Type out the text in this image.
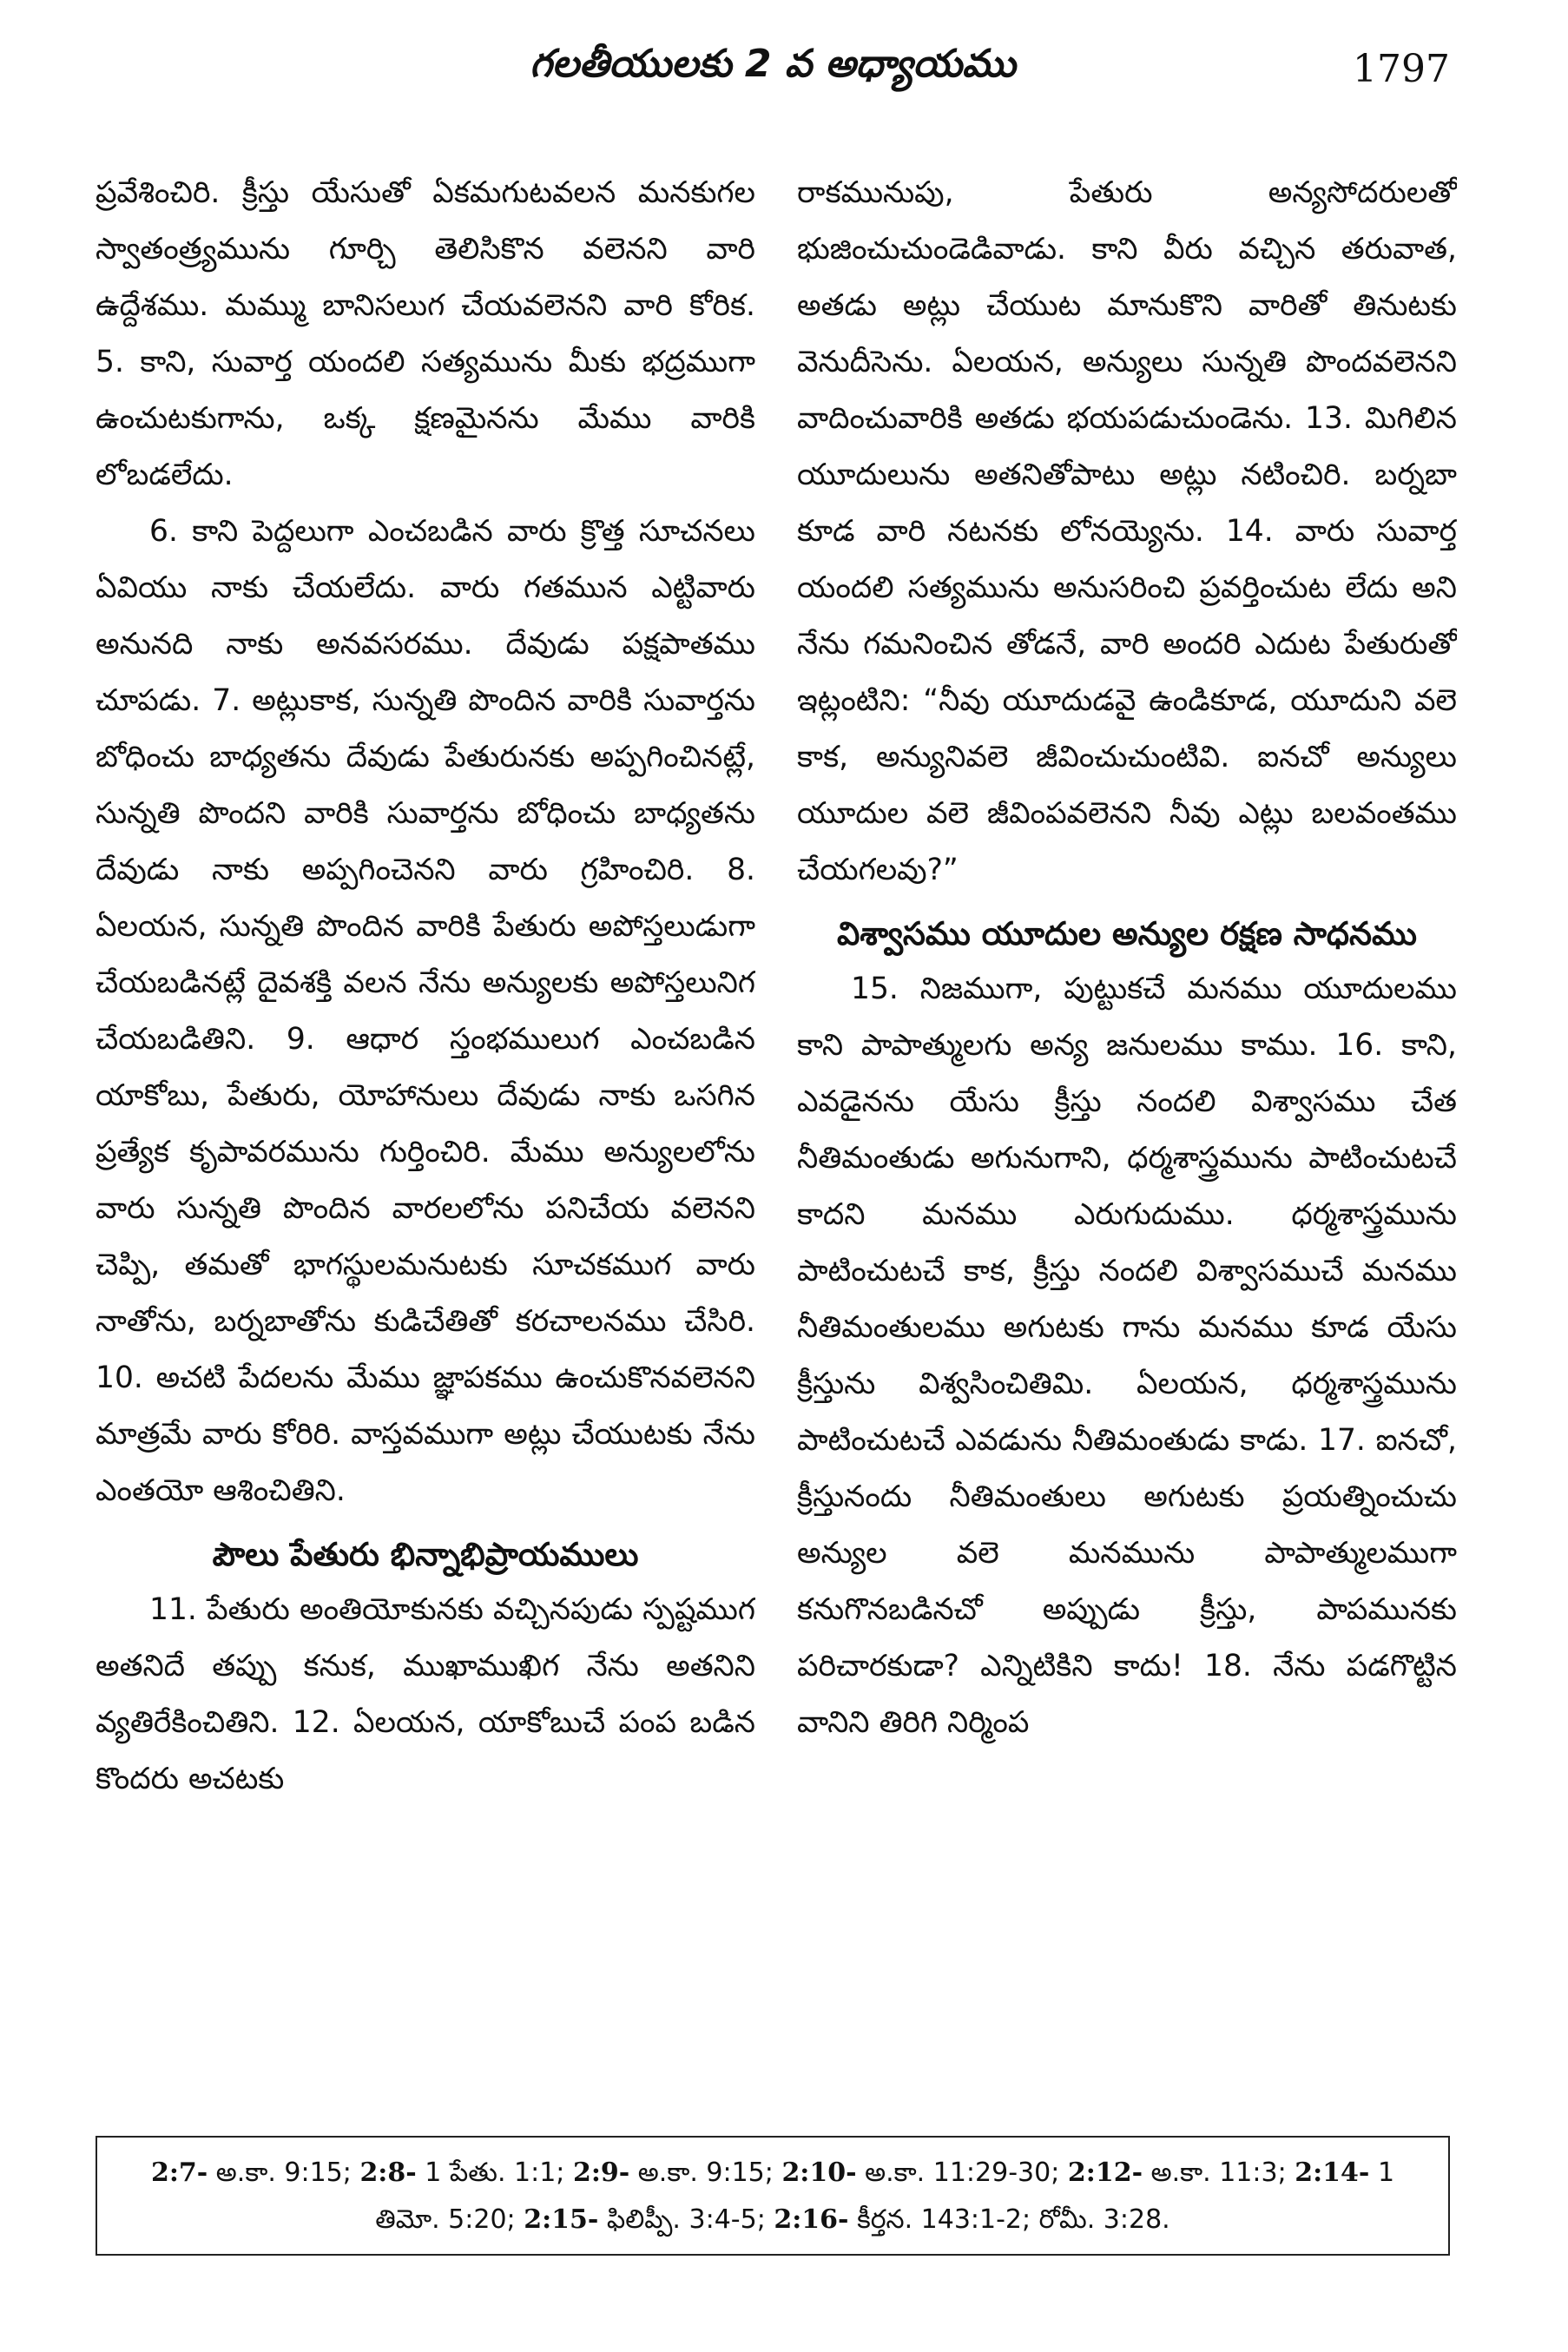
గలతీయులకు 2 వ అధ్యాయము	1797

ప్రవేశించిరి. క్రీస్తు యేసుతో ఏకమగుటవలన మనకుగల స్వాతంత్ర్యమును గూర్చి తెలిసికొన వలెనని వారి ఉద్దేశము. మమ్ము బానిసలుగ చేయవలెనని వారి కోరిక. 5. కాని, సువార్త యందలి సత్యమును మీకు భద్రముగా ఉంచుటకుగాను, ఒక్క క్షణమైనను మేము వారికి లోబడలేదు.

6. కాని పెద్దలుగా ఎంచబడిన వారు క్రొత్త సూచనలు ఏవియు నాకు చేయలేదు. వారు గతమున ఎట్టివారు అనునది నాకు అనవసరము. దేవుడు పక్షపాతము చూపడు. 7. అట్లుకాక, సున్నతి పొందిన వారికి సువార్తను బోధించు బాధ్యతను దేవుడు పేతురునకు అప్పగించినట్లే, సున్నతి పొందని వారికి సువార్తను బోధించు బాధ్యతను దేవుడు నాకు అప్పగించెనని వారు గ్రహించిరి. 8. ఏలయన, సున్నతి పొందిన వారికి పేతురు అపోస్తలుడుగా చేయబడినట్లే దైవశక్తి వలన నేను అన్యులకు అపోస్తలునిగ చేయబడితిని. 9. ఆధార స్తంభములుగ ఎంచబడిన యాకోబు, పేతురు, యోహానులు దేవుడు నాకు ఒసగిన ప్రత్యేక కృపావరమును గుర్తించిరి. మేము అన్యులలోను వారు సున్నతి పొందిన వారలలోను పనిచేయ వలెనని చెప్పి, తమతో భాగస్థులమనుటకు సూచకముగ వారు నాతోను, బర్నబాతోను కుడిచేతితో కరచాలనము చేసిరి. 10. అచటి పేదలను మేము జ్ఞాపకము ఉంచుకొనవలెనని మాత్రమే వారు కోరిరి. వాస్తవముగా అట్లు చేయుటకు నేను ఎంతయో ఆశించితిని.

పౌలు పేతురు భిన్నాభిప్రాయములు

11. పేతురు అంతియోకునకు వచ్చినపుడు స్పష్టముగ అతనిదే తప్పు కనుక, ముఖాముఖిగ నేను అతనిని వ్యతిరేకించితిని. 12. ఏలయన, యాకోబుచే పంప బడిన కొందరు అచటకు

రాకమునుపు, పేతురు అన్యసోదరులతో భుజించుచుండెడివాడు. కాని వీరు వచ్చిన తరువాత, అతడు అట్లు చేయుట మానుకొని వారితో తినుటకు వెనుదీసెను. ఏలయన, అన్యులు సున్నతి పొందవలెనని వాదించువారికి అతడు భయపడుచుండెను. 13. మిగిలిన యూదులును అతనితోపాటు అట్లు నటించిరి. బర్నబా కూడ వారి నటనకు లోనయ్యెను. 14. వారు సువార్త యందలి సత్యమును అనుసరించి ప్రవర్తించుట లేదు అని నేను గమనించిన తోడనే, వారి అందరి ఎదుట పేతురుతో ఇట్లంటిని: “నీవు యూదుడవై ఉండికూడ, యూదుని వలె కాక, అన్యునివలె జీవించుచుంటివి. ఐనచో అన్యులు యూదుల వలె జీవింపవలెనని నీవు ఎట్లు బలవంతము చేయగలవు?”

విశ్వాసము యూదుల అన్యుల రక్షణ సాధనము

15. నిజముగా, పుట్టుకచే మనము యూదులము కాని పాపాత్ములగు అన్య జనులము కాము. 16. కాని, ఎవడైనను యేసు క్రీస్తు నందలి విశ్వాసము చేత నీతిమంతుడు అగునుగాని, ధర్మశాస్త్రమును పాటించుటచే కాదని మనము ఎరుగుదుము. ధర్మశాస్త్రమును పాటించుటచే కాక, క్రీస్తు నందలి విశ్వాసముచే మనము నీతిమంతులము అగుటకు గాను మనము కూడ యేసు క్రీస్తును విశ్వసించితిమి. ఏలయన, ధర్మశాస్త్రమును పాటించుటచే ఎవడును నీతిమంతుడు కాడు. 17. ఐనచో, క్రీస్తునందు నీతిమంతులు అగుటకు ప్రయత్నించుచు అన్యుల వలె మనమును పాపాత్ములముగా కనుగొనబడినచో అప్పుడు క్రీస్తు, పాపమునకు పరిచారకుడా? ఎన్నిటికిని కాదు! 18. నేను పడగొట్టిన వానిని తిరిగి నిర్మింప

2:7- అ.కా. 9:15; 2:8- 1 పేతు. 1:1; 2:9- అ.కా. 9:15; 2:10- అ.కా. 11:29-30; 2:12- అ.కా. 11:3; 2:14- 1 తిమో. 5:20; 2:15- ఫిలిప్పీ. 3:4-5; 2:16- కీర్తన. 143:1-2; రోమీ. 3:28.
